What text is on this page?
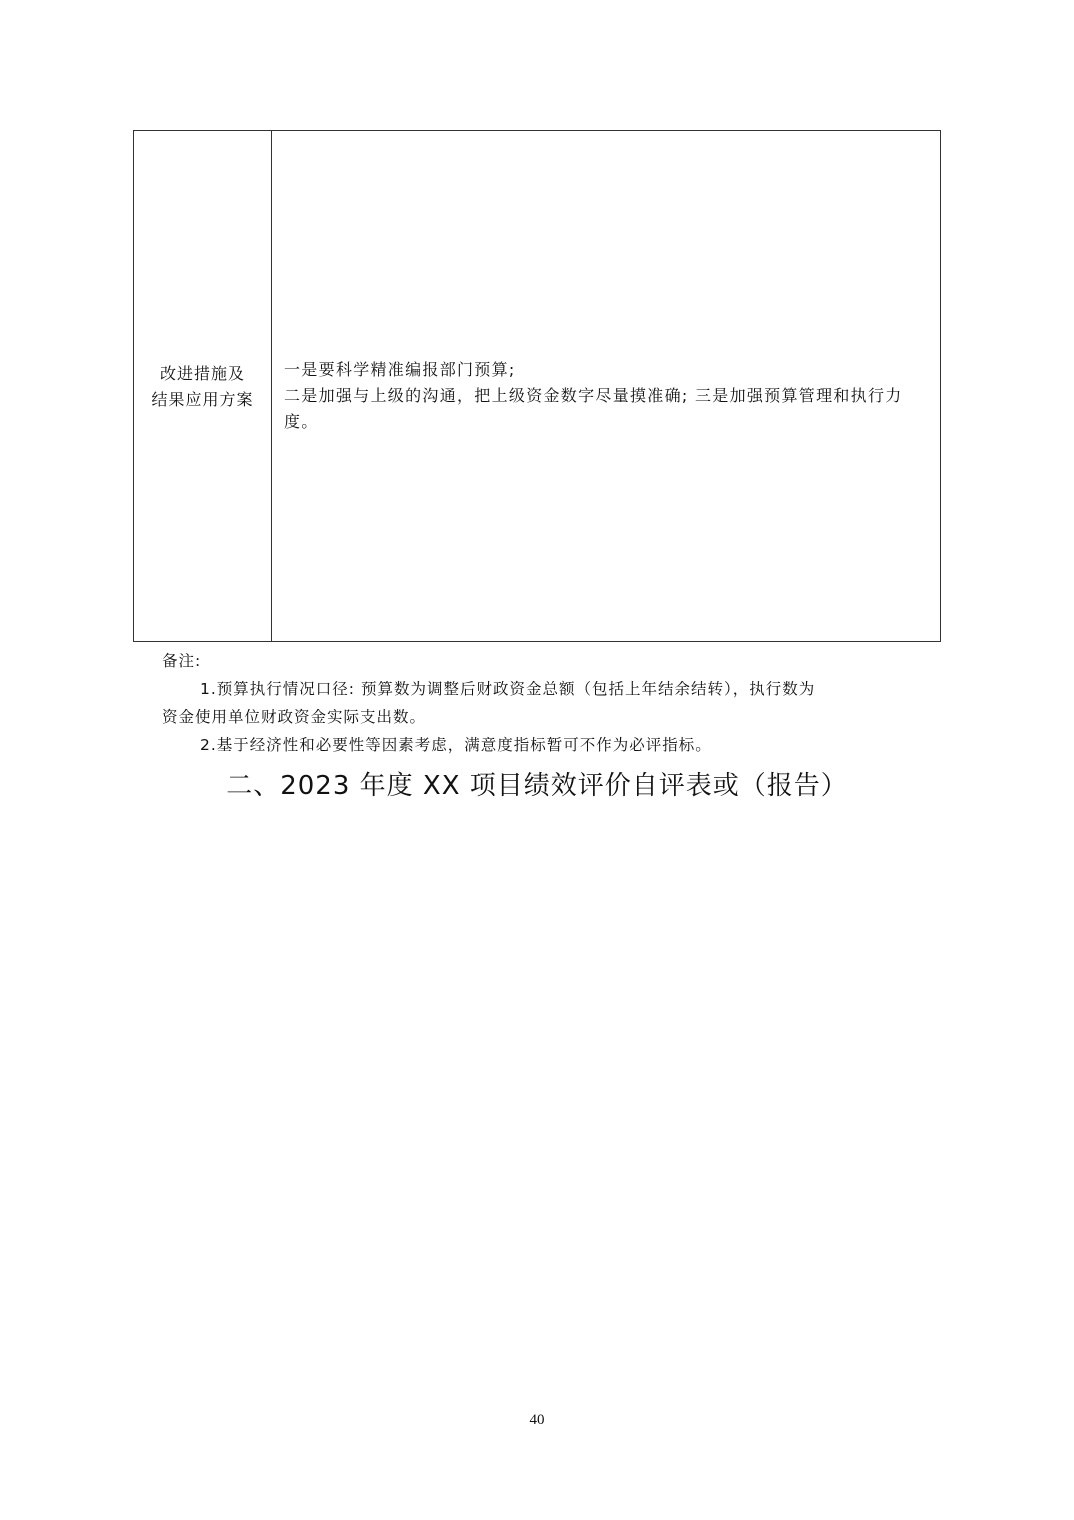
改进措施及
结果应用方案

一是要科学精准编报部门预算;

二是加强与上级的沟通，把上级资金数字尽量摸准确; 三是加强预算管理和执行力度。

备注:

1.预算执行情况口径: 预算数为调整后财政资金总额（包括上年结余结转），执行数为

资金使用单位财政资金实际支出数。

2.基于经济性和必要性等因素考虑，满意度指标暂可不作为必评指标。

二、2023 年度 XX 项目绩效评价自评表或（报告）
40
